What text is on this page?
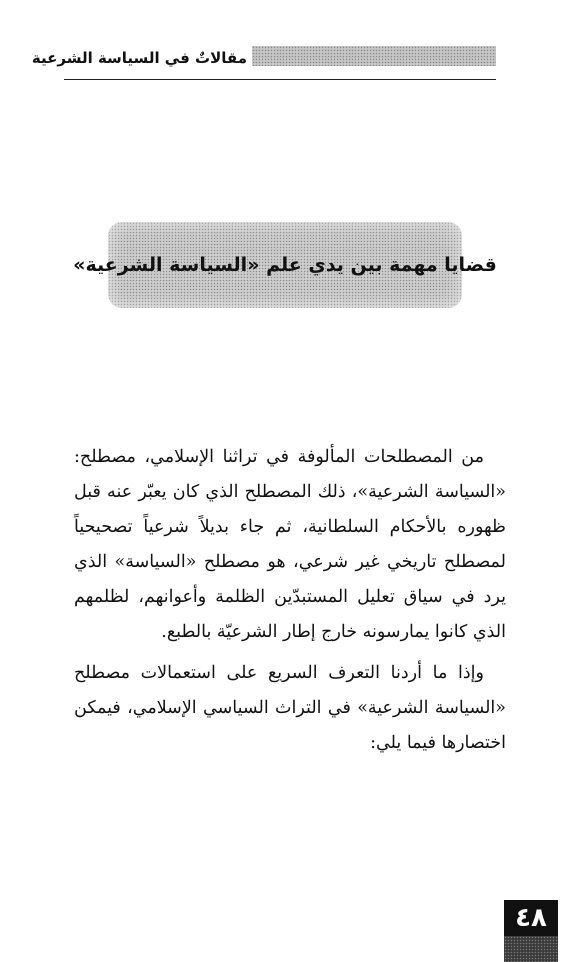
مقالاتٌ في السياسة الشرعية
قضايا مهمة بين يدي علم «السياسة الشرعية»

من المصطلحات المألوفة في تراثنا الإسلامي، مصطلح: «السياسة الشرعية»، ذلك المصطلح الذي كان يعبّر عنه قبل ظهوره بالأحكام السلطانية، ثم جاء بديلاً شرعياً تصحيحياً لمصطلح تاريخي غير شرعي، هو مصطلح «السياسة» الذي يرد في سياق تعليل المستبدّين الظلمة وأعوانهم، لظلمهم الذي كانوا يمارسونه خارج إطار الشرعيّة بالطبع.

وإذا ما أردنا التعرف السريع على استعمالات مصطلح «السياسة الشرعية» في التراث السياسي الإسلامي، فيمكن اختصارها فيما يلي:

٤٨
